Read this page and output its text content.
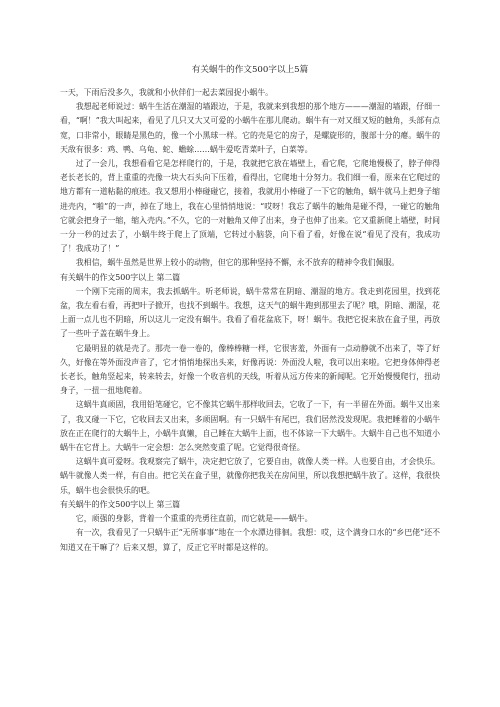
有关蜗牛的作文500字以上5篇

一天，下雨后没多久，我就和小伙伴们一起去菜园捉小蜗牛。

我想起老师说过：蜗牛生活在潮湿的墙跟边，于是，我就来到我想的那个地方———潮湿的墙跟，仔细一看，“啊！”我大叫起来，看见了几只又大又可爱的小蜗牛在那儿爬动。蜗牛有一对又细又短的触角，头部有点宽，口非常小，眼睛是黑色的，像一个小黑球一样。它的壳是它的房子，是螺旋形的，腹部十分的瘪。蜗牛的天敌有很多：鸡、鸭、乌龟、蛇、蟾蜍……蜗牛爱吃青菜叶子，白菜等。

过了一会儿，我想看看它是怎样爬行的，于是，我就把它放在墙壁上，看它爬，它爬地慢极了，脖子伸得老长老长的，背上重重的壳像一块大石头向下压着，看得出，它爬地十分努力。我们细一看，原来在它爬过的地方都有一道粘黏的痕迹。我又想用小棒碰碰它，接着，我就用小棒碰了一下它的触角，蜗牛就马上把身子缩进壳内，“啪”的一声，掉在了地上，我在心里悄悄地说：“哎呀！我忘了蜗牛的触角是碰不得，一碰它的触角它就会把身子一缩，缩入壳内。”不久，它的一对触角又伸了出来，身子也伸了出来。它又重新爬上墙壁，时间一分一秒的过去了，小蜗牛终于爬上了顶端，它转过小脑袋，向下看了看，好像在说“看见了没有，我成功了！我成功了！”

我相信，蜗牛虽然是世界上较小的动物，但它的那种坚持不懈，永不放弃的精神令我们佩服。

有关蜗牛的作文500字以上 第二篇

一个刚下完雨的周末，我去抓蜗牛。听老师说，蜗牛常常在阴暗、潮湿的地方。我走到花园里，找到花盆，我左看右看，再把叶子掀开，也找不到蜗牛。我想，这天气的蜗牛跑到那里去了呢？哦，阴暗、潮湿，花上面一点儿也不阴暗，所以这儿一定没有蜗牛。我看了看花盆底下，呀！蜗牛。我把它捉来放在盒子里，再放了一些叶子盖在蜗牛身上。

它最明显的就是壳了。那壳一卷一卷的，像棒棒糖一样，它很害羞，外面有一点动静就不出来了，等了好久，好像在等外面没声音了，它才悄悄地探出头来，好像再说：外面没人啦，我可以出来啦。它把身体伸得老长老长，触角竖起来，转来转去，好像一个收音机的天线，听着从远方传来的新闻呢。它开始慢慢爬行，扭动身子，一扭一扭地爬着。

这蜗牛真顽固，我用铅笔碰它，它不像其它蜗牛那样收回去，它收了一下，有一半留在外面。蜗牛又出来了，我又碰一下它，它收回去又出来，多顽固啊。有一只蜗牛有尾巴，我们居然没发现呢。我把睡着的小蜗牛放在正在爬行的大蜗牛上，小蜗牛真懒，自己睡在大蜗牛上面，也不体谅一下大蜗牛。大蜗牛自己也不知道小蜗牛在它背上。大蜗牛一定会想：怎么突然变重了呢。它觉得很奇怪。

这蜗牛真可爱呀。我观察完了蜗牛，决定把它放了，它要自由，就像人类一样。人也要自由，才会快乐。蜗牛就像人类一样，有自由。把它关在盒子里，就像你把我关在房间里，所以我想把蜗牛放了。这样，我很快乐，蜗牛也会很快乐的吧。

有关蜗牛的作文500字以上 第三篇

它，顽强的身影，背着一个重重的壳勇往直前，而它就是——蜗牛。

有一次，我看见了一只蜗牛正“无所事事”地在一个水潭边徘徊。我想：哎，这个满身口水的“乡巴佬”还不知道又在干嘛了？后来又想，算了，反正它平时都是这样的。
